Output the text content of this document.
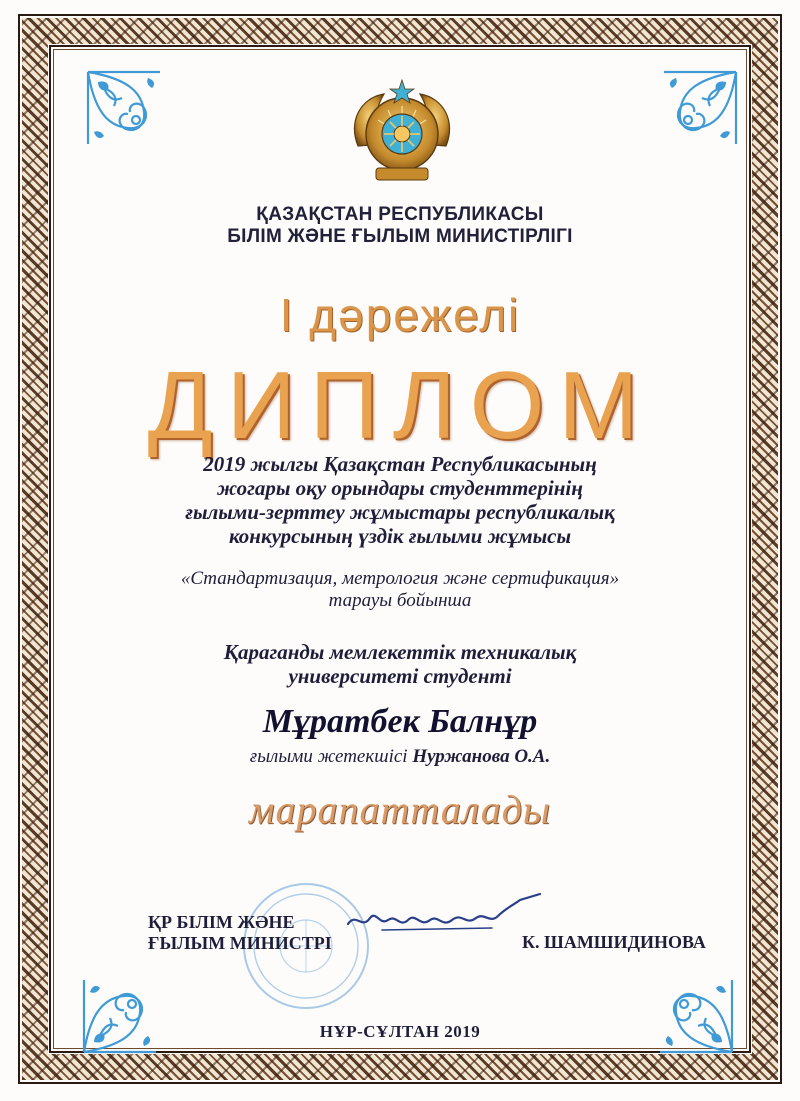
ҚАЗАҚСТАН РЕСПУБЛИКАСЫ
БІЛІМ ЖӘНЕ ҒЫЛЫМ МИНИСТІРЛІГІ

І дәрежелі

ДИПЛОМ

2019 жылгы Қазақстан Республикасының
жогары оқу орындары студенттерінің
ғылыми-зерттеу жұмыстары республикалық
конкурсының үздік ғылыми жұмысы

«Стандартизация, метрология және сертификация»
тарауы бойынша

Қараганды мемлекеттік техникалық
университеті студенті

Мұратбек Балнұр

ғылыми жетекшісі Нуржанова О.А.

марапатталады

ҚР БІЛІМ ЖӘНЕ
ҒЫЛЫМ МИНИСТРІ	К. ШАМШИДИНОВА

НҰР-СҰЛТАН 2019
